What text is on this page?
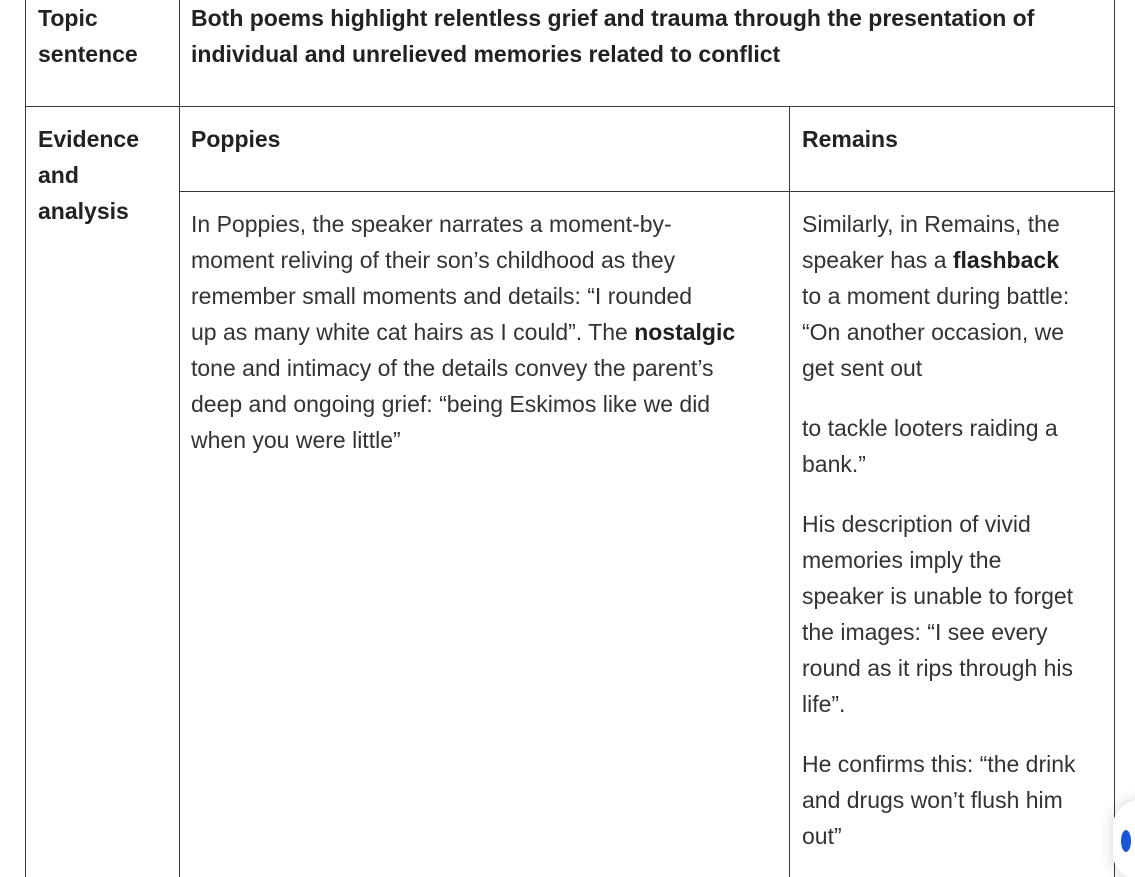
Topic
sentence
Both poems highlight relentless grief and trauma through the presentation of
individual and unrelieved memories related to conflict
Evidence
and
analysis
Poppies	Remains
In Poppies, the speaker narrates a moment-by-
moment reliving of their son’s childhood as they
remember small moments and details: “I rounded
up as many white cat hairs as I could”. The nostalgic
tone and intimacy of the details convey the parent’s
deep and ongoing grief: “being Eskimos like we did
when you were little”

Similarly, in Remains, the
speaker has a flashback
to a moment during battle:
“On another occasion, we
get sent out

to tackle looters raiding a
bank.”

His description of vivid
memories imply the
speaker is unable to forget
the images: “I see every
round as it rips through his
life”.

He confirms this: “the drink
and drugs won’t flush him
out”
